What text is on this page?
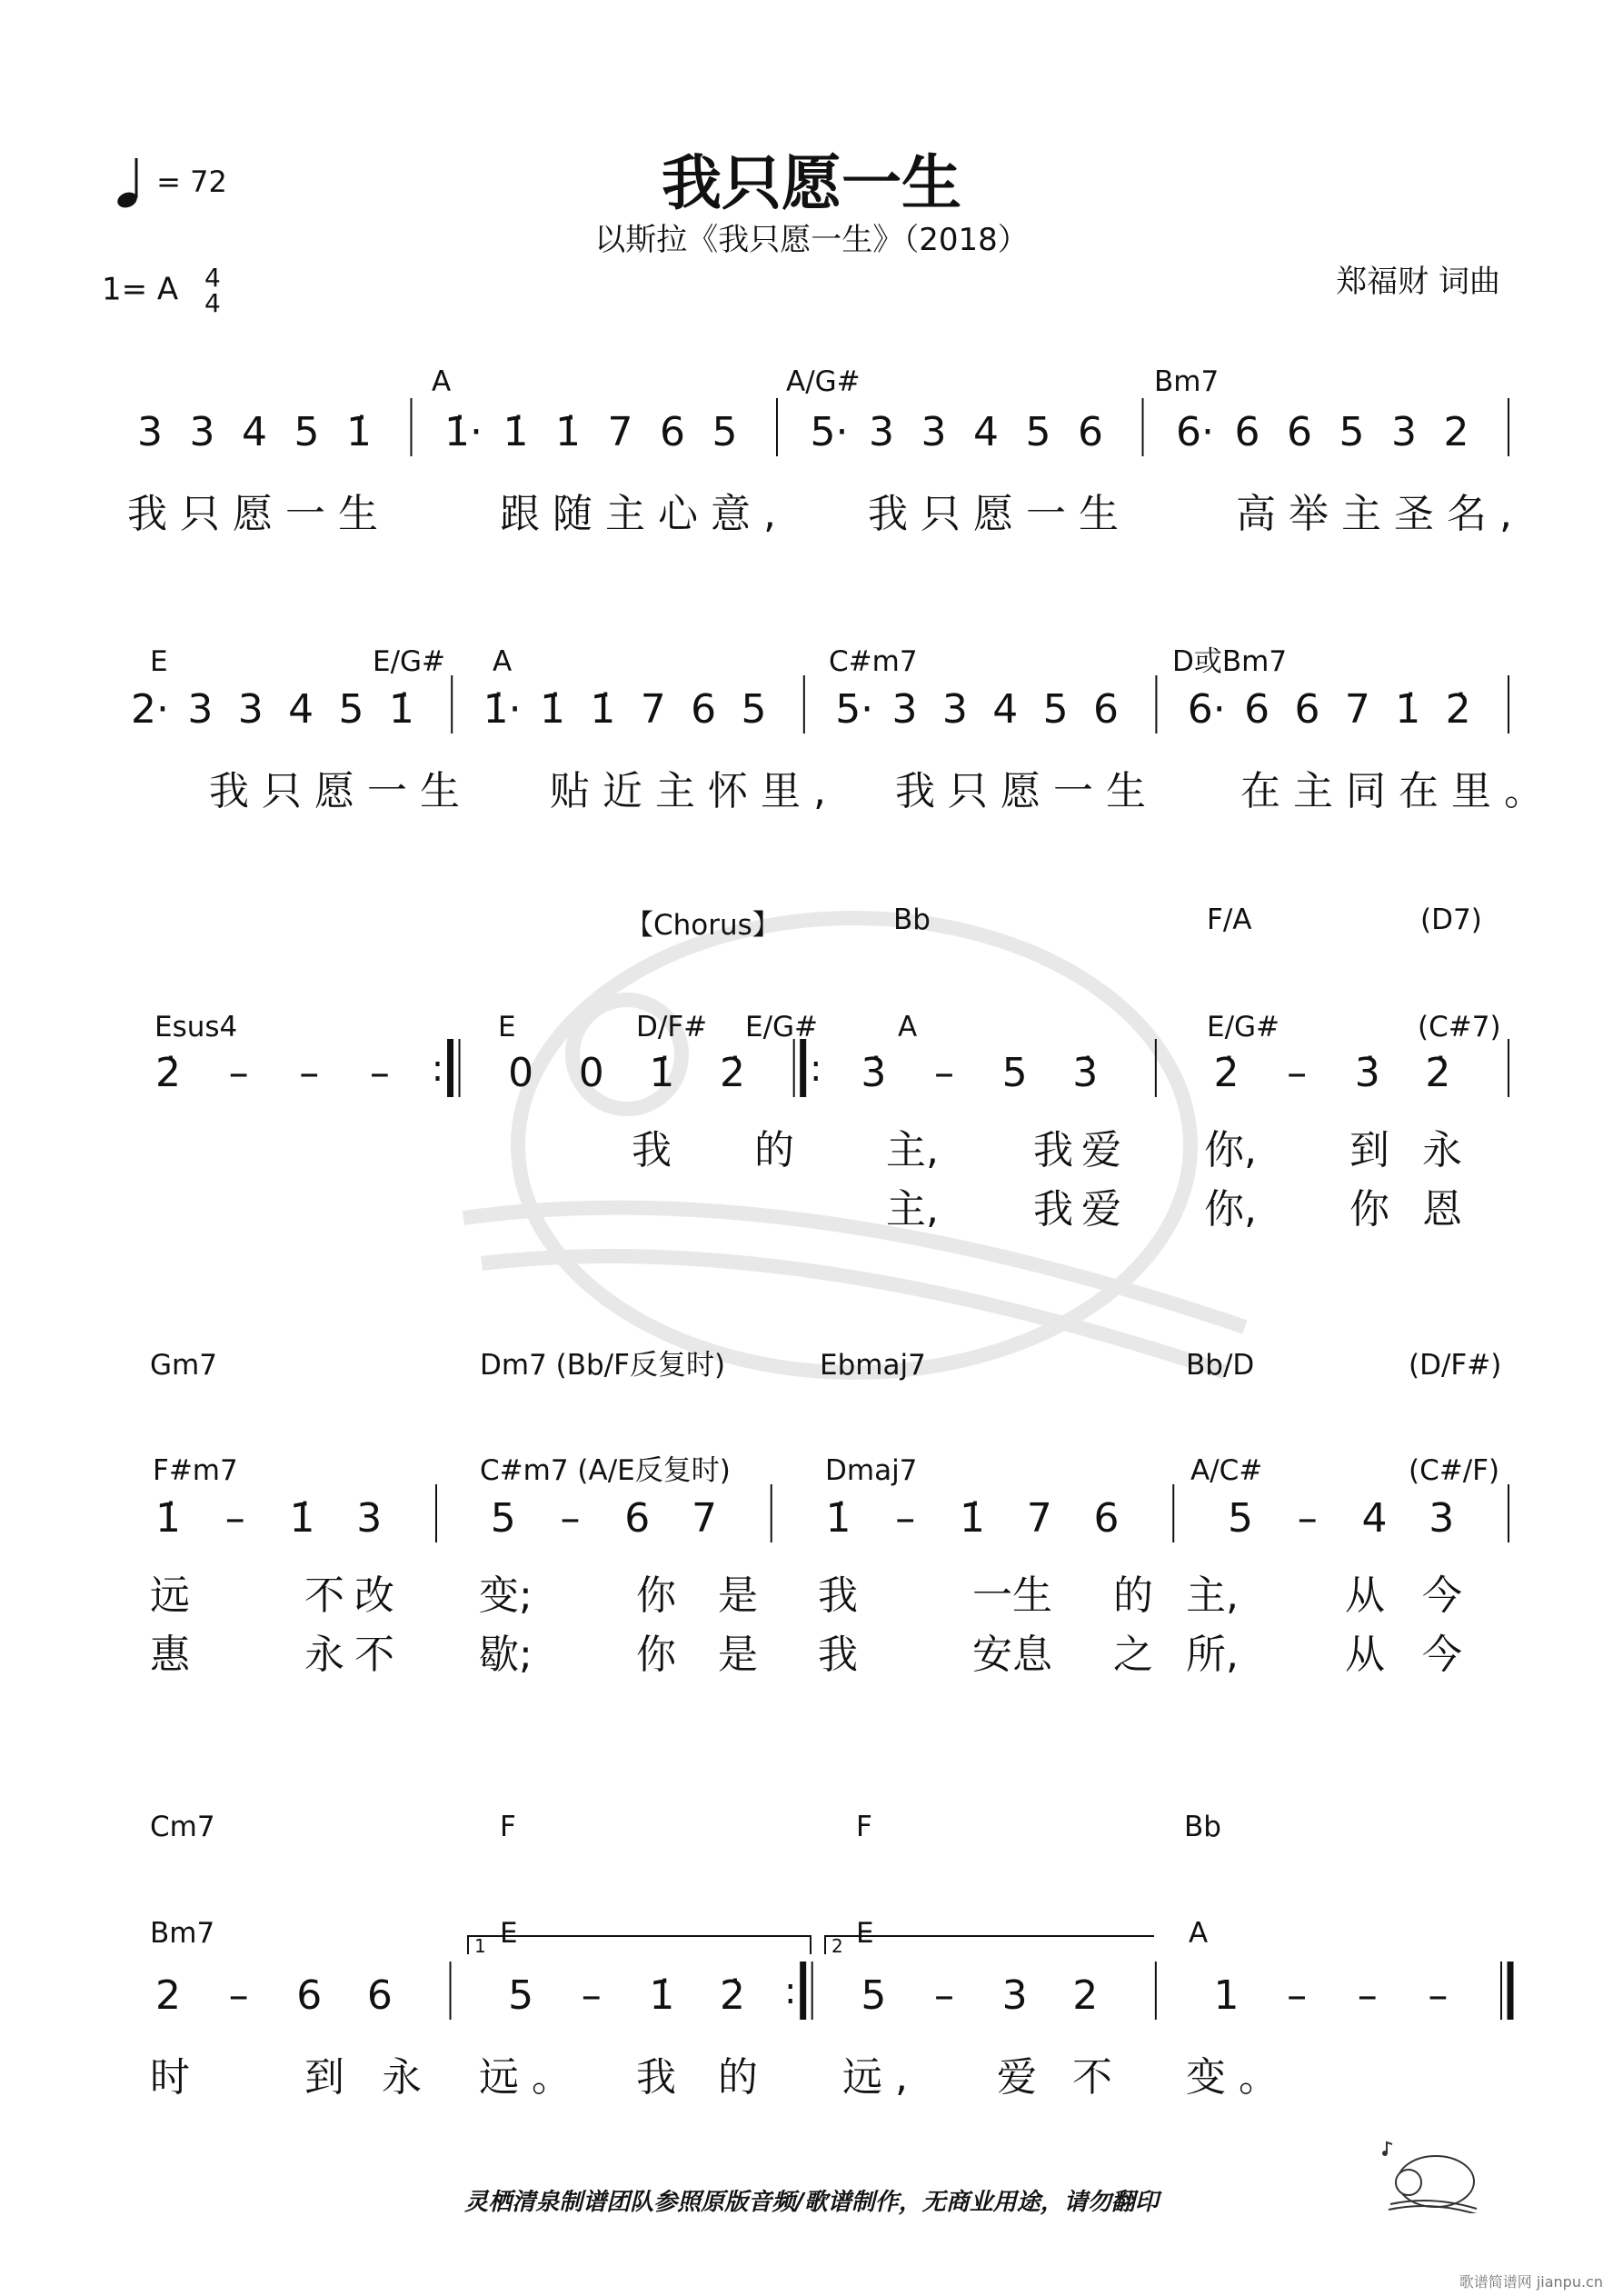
= 72	我只愿一生
以斯拉《我只愿一生》（2018）
1= A 4
4
郑福财 词曲
A	A/G#	Bm7
3 3 4 5 1̇ 1̇· 1̇ 1̇ 7 6 5 5· 3 3 4 5 6 6· 6 6 5 3 2
我只愿一生	跟随主心意, 我只愿一生	高举主圣名,
E	E/G# A	C#m7	D或Bm7
2· 3 3 4 5 1̇ 1̇· 1̇ 1̇ 7 6 5 5· 3 3 4 5 6 6· 6 6 7 1̇ 2̇
我只愿一生 贴近主怀里, 我只愿一生 在主同在里。
Bb	F/A	(D7)
Esus4	E	D/F# E/G#	A	E/G#	(C#7)
2̇ – – – : 0 0 1̇ 2̇ : 3̇ – 5 3̇	2̇ – 3̇ 2̇
我 的 主, 我 爱 你, 到 永
主, 我 爱 你, 你 恩
Gm7	Dm7 (Bb/F反复时)	Ebmaj7	Bb/D	(D/F#)
F#m7	C#m7 (A/E反复时)	Dmaj7	A/C#	(C#/F)
1̇ – 1̇ 3	5 – 6 7	1̇ – 1̇ 7 6	5 – 4 3
远	不 改 变;	你 是 我	一生 的 主,	从 今
惠	永 不 歇;	你 是 我	安息 之 所,	从 今
Cm7	F	F	Bb
Bm7	E	E	A
2 – 6 6	5 – 1̇ 2̇ : 5 – 3 2	1 – – –
时	到 永 远。 我 的 远, 爱 不 变。
1	2
【Chorus】
灵栖清泉制谱团队参照原版音频/歌谱制作，无商业用途，请勿翻印
歌谱简谱网 jianpu.cn
